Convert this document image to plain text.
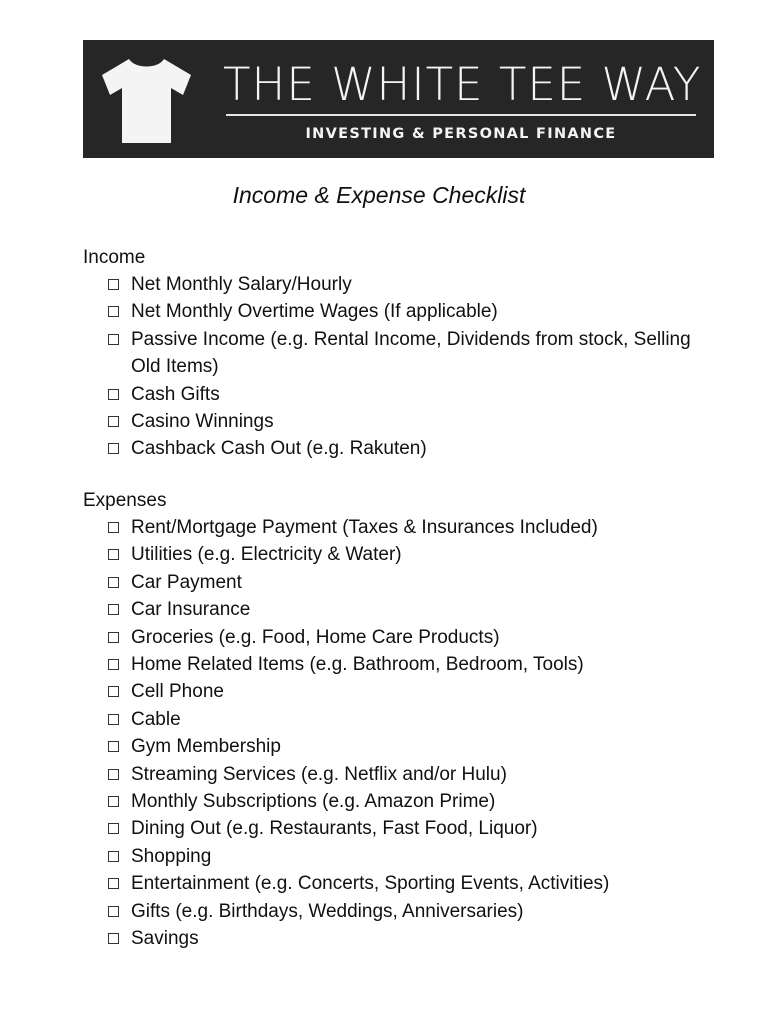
THE WHITE TEE WAY
INVESTING & PERSONAL FINANCE
Income & Expense Checklist
Income
Net Monthly Salary/Hourly
Net Monthly Overtime Wages (If applicable)
Passive Income (e.g. Rental Income, Dividends from stock, Selling Old Items)
Cash Gifts
Casino Winnings
Cashback Cash Out (e.g. Rakuten)
Expenses
Rent/Mortgage Payment (Taxes & Insurances Included)
Utilities (e.g. Electricity & Water)
Car Payment
Car Insurance
Groceries (e.g. Food, Home Care Products)
Home Related Items (e.g. Bathroom, Bedroom, Tools)
Cell Phone
Cable
Gym Membership
Streaming Services (e.g. Netflix and/or Hulu)
Monthly Subscriptions (e.g. Amazon Prime)
Dining Out (e.g. Restaurants, Fast Food, Liquor)
Shopping
Entertainment (e.g. Concerts, Sporting Events, Activities)
Gifts (e.g. Birthdays, Weddings, Anniversaries)
Savings
